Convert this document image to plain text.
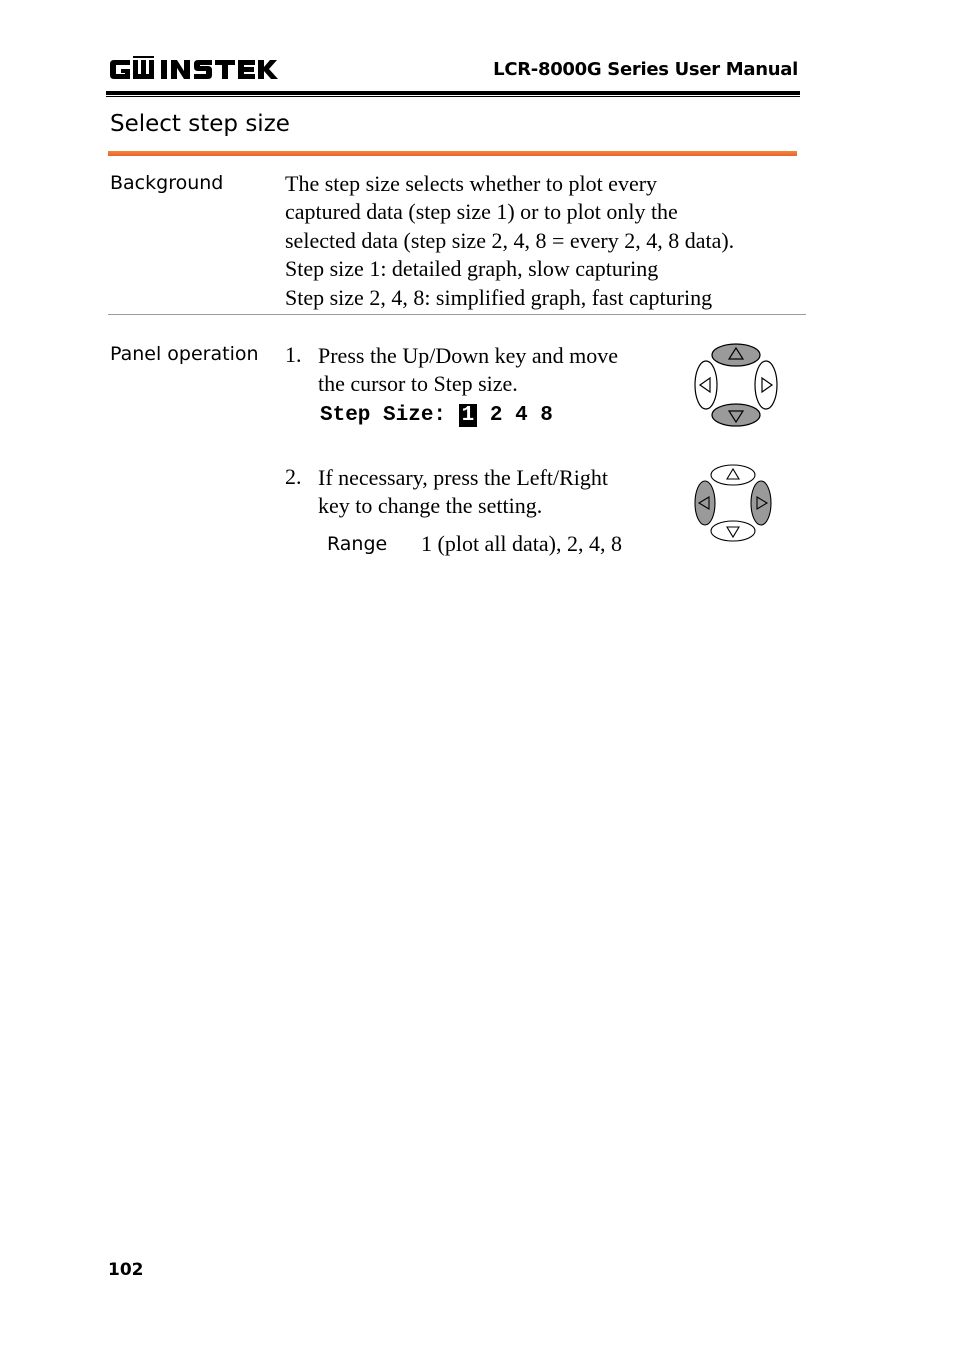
LCR-8000G Series User Manual
Select step size
Background	The step size selects whether to plot every
captured data (step size 1) or to plot only the
selected data (step size 2, 4, 8 = every 2, 4, 8 data).
Step size 1: detailed graph, slow capturing
Step size 2, 4, 8: simplified graph, fast capturing
Panel operation 1. Press the Up/Down key and move
the cursor to Step size.
Step Size: 1 2 4 8
2. If necessary, press the Left/Right
key to change the setting.
Range 1 (plot all data), 2, 4, 8
102
